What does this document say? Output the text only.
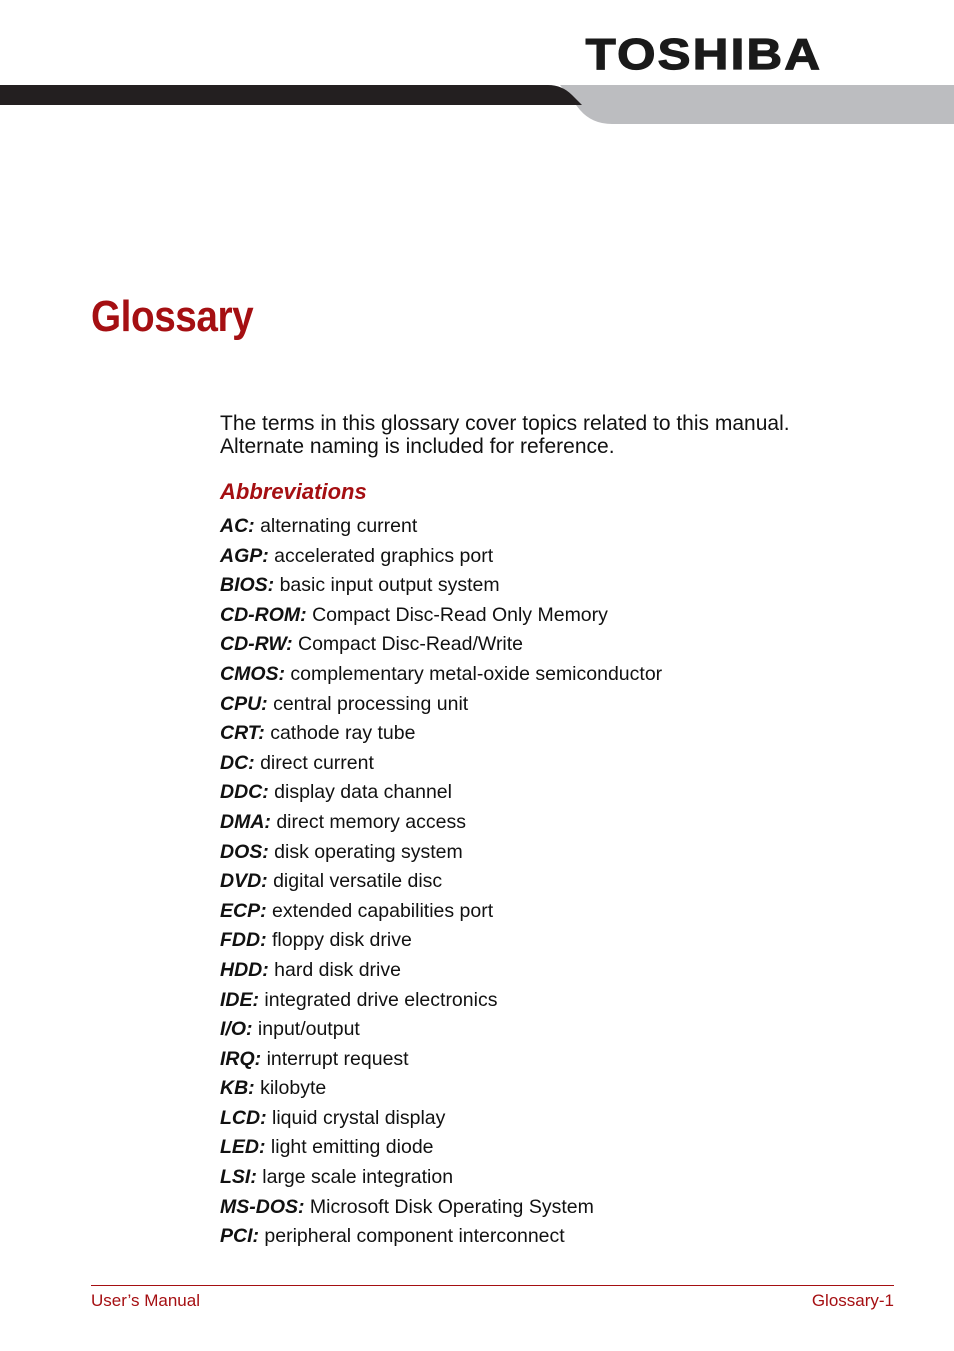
TOSHIBA
Glossary

The terms in this glossary cover topics related to this manual.

Alternate naming is included for reference.

Abbreviations
AC: alternating current
AGP: accelerated graphics port
BIOS: basic input output system
CD-ROM: Compact Disc-Read Only Memory
CD-RW: Compact Disc-Read/Write
CMOS: complementary metal-oxide semiconductor
CPU: central processing unit
CRT: cathode ray tube
DC: direct current
DDC: display data channel
DMA: direct memory access
DOS: disk operating system
DVD: digital versatile disc
ECP: extended capabilities port
FDD: floppy disk drive
HDD: hard disk drive
IDE: integrated drive electronics
I/O: input/output
IRQ: interrupt request
KB: kilobyte
LCD: liquid crystal display
LED: light emitting diode
LSI: large scale integration
MS-DOS: Microsoft Disk Operating System
PCI: peripheral component interconnect
User’s Manual	Glossary-1
